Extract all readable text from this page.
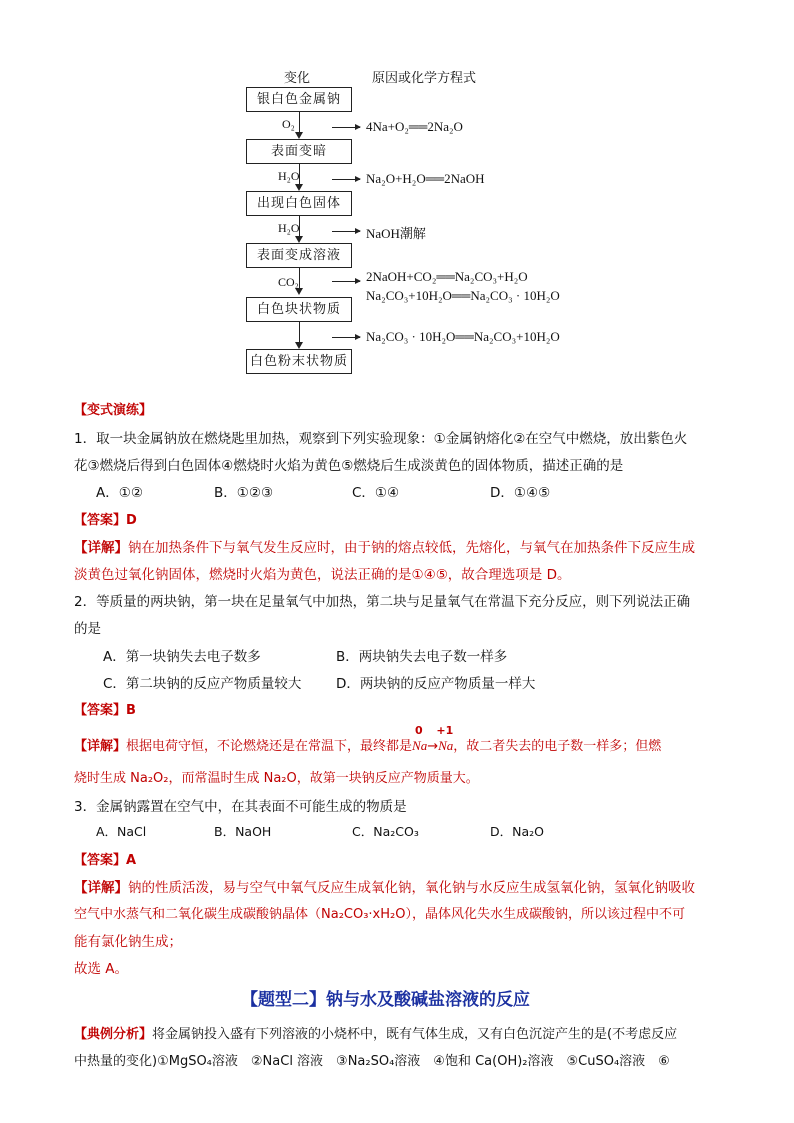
变化	原因或化学方程式
银白色金属钠
O₂	4Na+O₂══2Na₂O
表面变暗
H₂O	Na₂O+H₂O══2NaOH
出现白色固体
H₂O	NaOH潮解
表面变成溶液
CO₂	2NaOH+CO₂══Na₂CO₃+H₂O
Na₂CO₃+10H₂O══Na₂CO₃ · 10H₂O
白色块状物质
Na₂CO₃ · 10H₂O══Na₂CO₃+10H₂O
白色粉末状物质
【变式演练】
1．取一块金属钠放在燃烧匙里加热，观察到下列实验现象：①金属钠熔化②在空气中燃烧，放出紫色火
花③燃烧后得到白色固体④燃烧时火焰为黄色⑤燃烧后生成淡黄色的固体物质，描述正确的是
A．①②	B．①②③	C．①④	D．①④⑤
【答案】D
【详解】钠在加热条件下与氧气发生反应时，由于钠的熔点较低，先熔化，与氧气在加热条件下反应生成
淡黄色过氧化钠固体，燃烧时火焰为黄色，说法正确的是①④⑤，故合理选项是 D。
2．等质量的两块钠，第一块在足量氧气中加热，第二块与足量氧气在常温下充分反应，则下列说法正确
的是
A．第一块钠失去电子数多	B．两块钠失去电子数一样多
C．第二块钠的反应产物质量较大	D．两块钠的反应产物质量一样大
【答案】B
【详解】根据电荷守恒，不论燃烧还是在常温下，最终都是
0
Na→
+1
Na，故二者失去的电子数一样多；但燃
烧时生成 Na₂O₂，而常温时生成 Na₂O，故第一块钠反应产物质量大。
3．金属钠露置在空气中，在其表面不可能生成的物质是
A．NaCl	B．NaOH	C．Na₂CO₃	D．Na₂O
【答案】A
【详解】钠的性质活泼，易与空气中氧气反应生成氧化钠，氧化钠与水反应生成氢氧化钠，氢氧化钠吸收
空气中水蒸气和二氧化碳生成碳酸钠晶体（Na₂CO₃·xH₂O），晶体风化失水生成碳酸钠，所以该过程中不可
能有氯化钠生成；
故选 A。
【题型二】钠与水及酸碱盐溶液的反应
【典例分析】将金属钠投入盛有下列溶液的小烧杯中，既有气体生成，又有白色沉淀产生的是(不考虑反应
中热量的变化)①MgSO₄溶液　②NaCl 溶液　③Na₂SO₄溶液　④饱和 Ca(OH)₂溶液　⑤CuSO₄溶液　⑥
